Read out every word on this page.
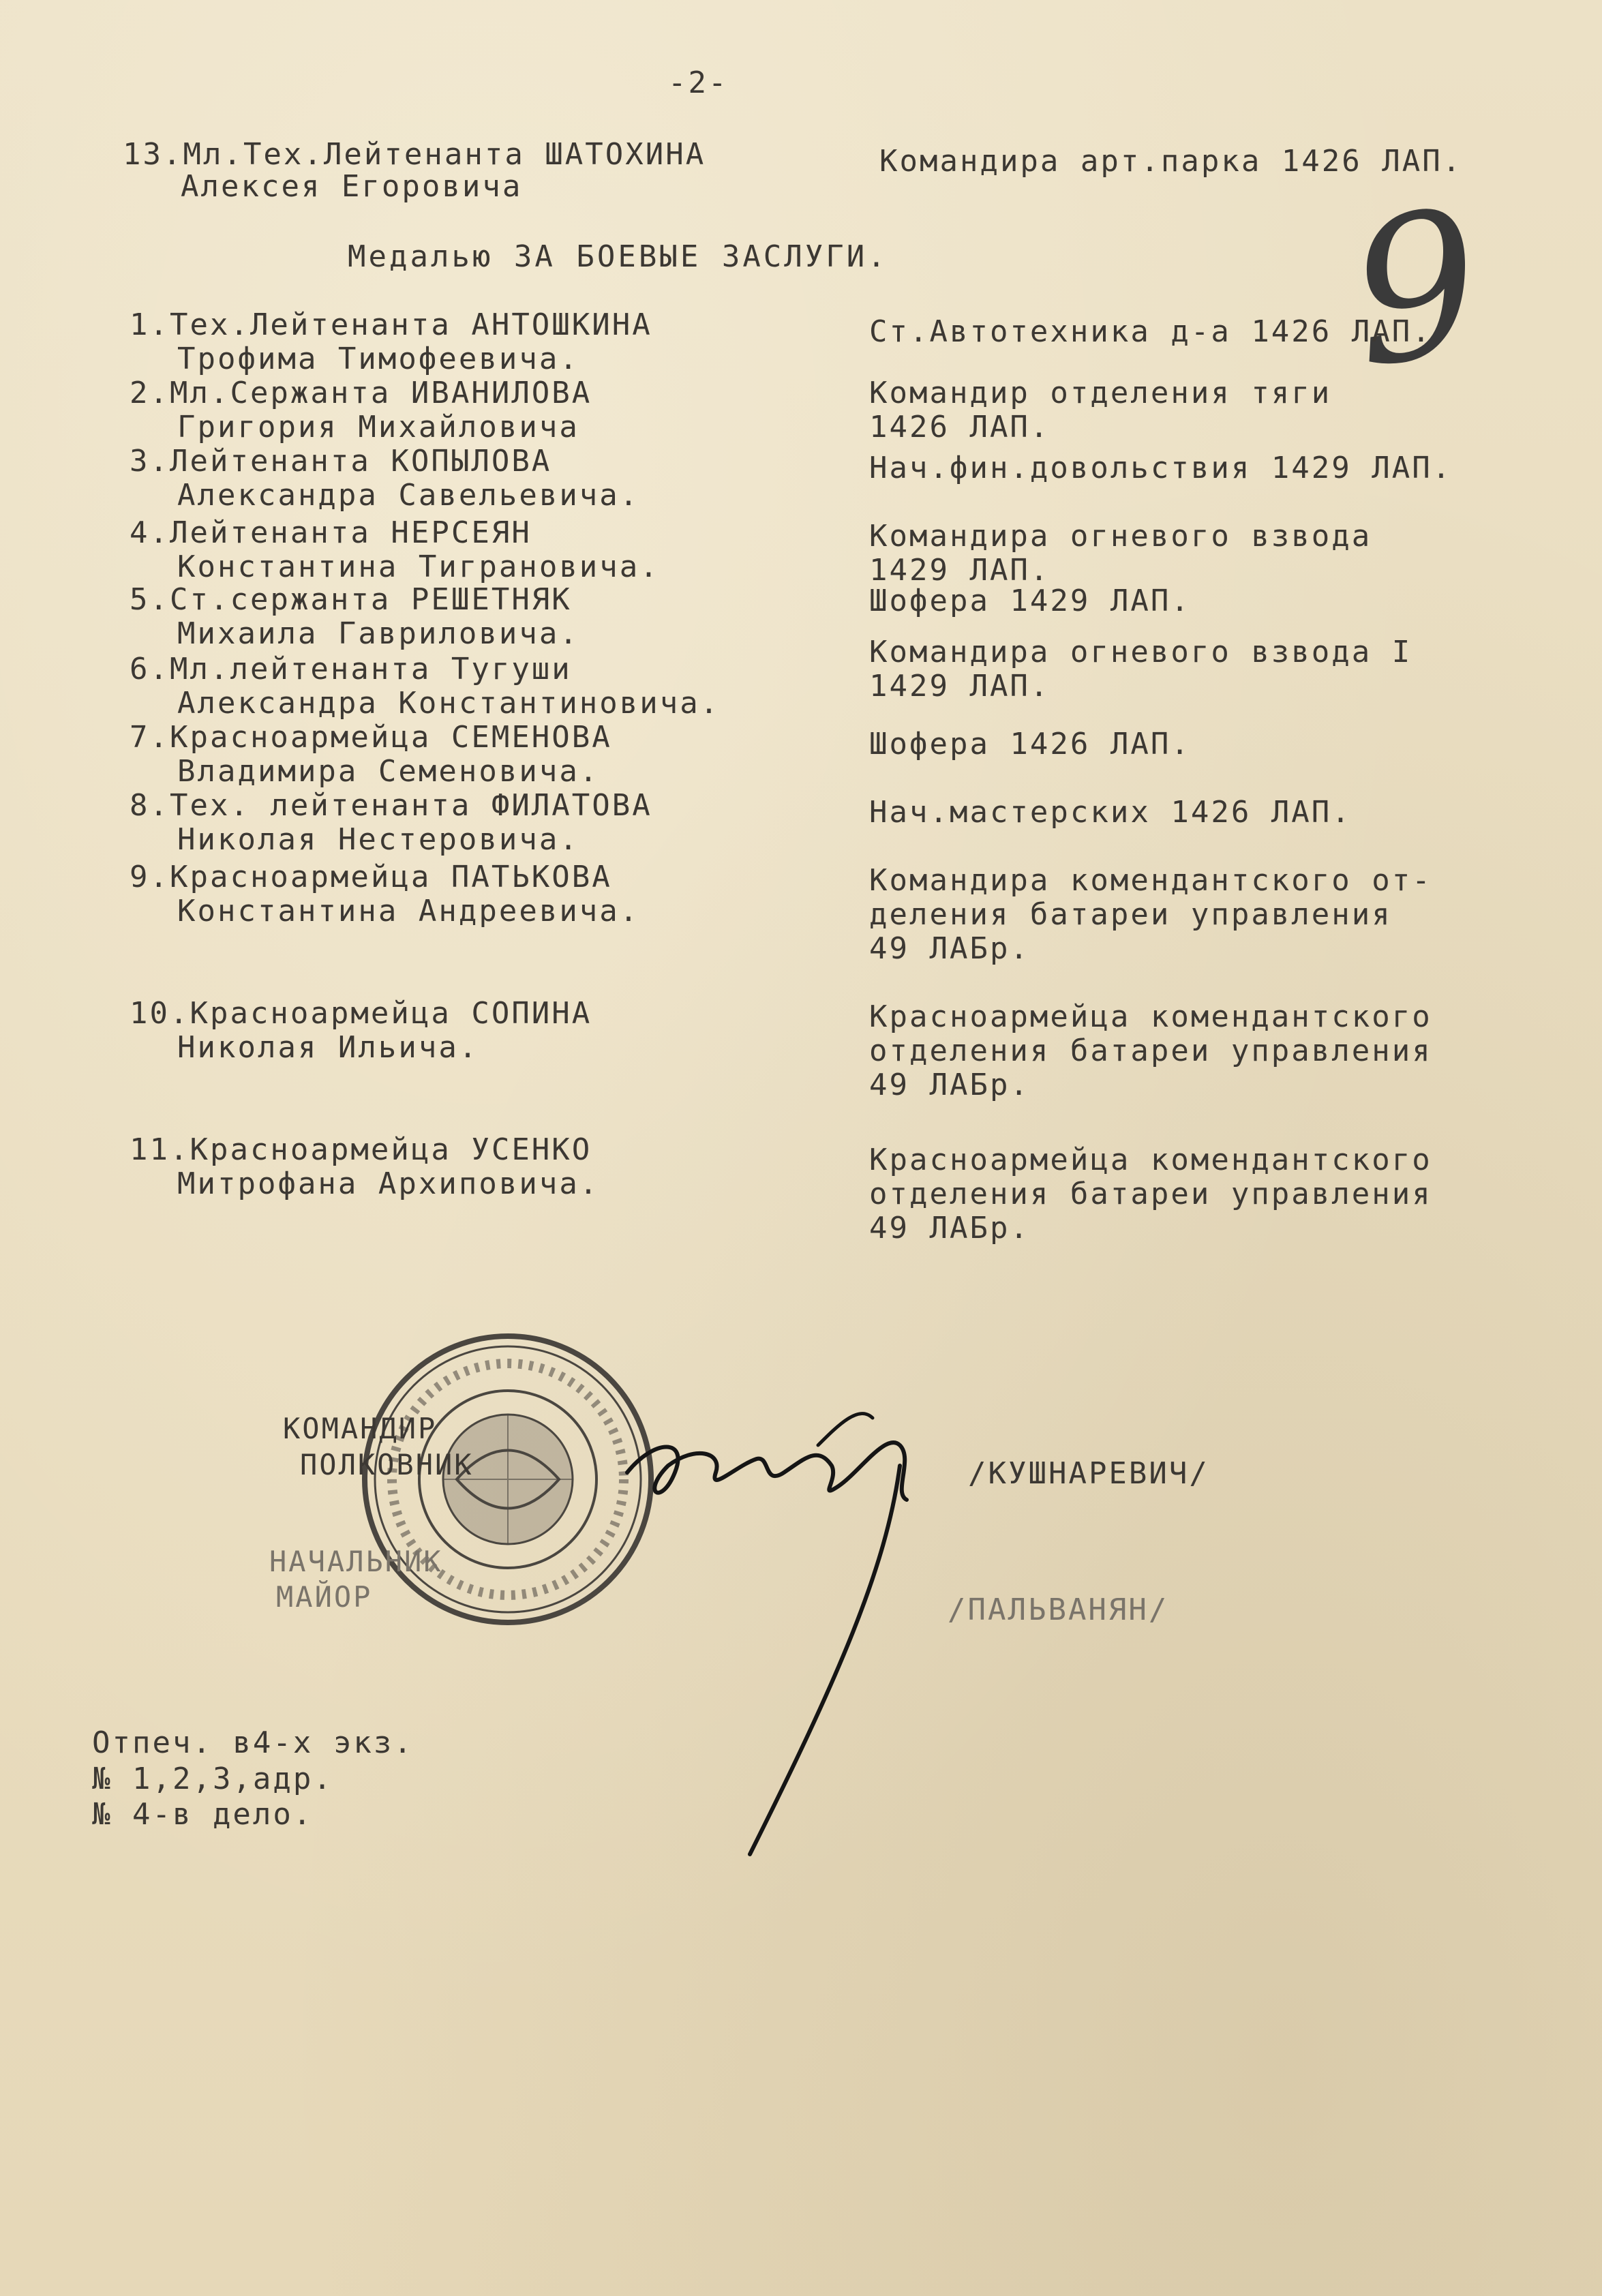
-2-
13.Мл.Тех.Лейтенанта ШАТОХИНА
Алексея Егоровича
Командира арт.парка 1426 ЛАП.
Медалью ЗА БОЕВЫЕ ЗАСЛУГИ. 9
1.Тех.Лейтенанта АНТОШКИНА
Трофима Тимофеевича.
Ст.Автотехника д-а 1426 ЛАП.
2.Мл.Сержанта ИВАНИЛОВА
Григория Михайловича
Командир отделения тяги
1426 ЛАП.
3.Лейтенанта КОПЫЛОВА
Александра Савельевича.
Нач.фин.довольствия 1429 ЛАП.
4.Лейтенанта НЕРСЕЯН
Константина Тиграновича.
Командира огневого взвода
1429 ЛАП.
5.Ст.сержанта РЕШЕТНЯК
Михаила Гавриловича.
Шофера 1429 ЛАП.
6.Мл.лейтенанта Тугуши
Александра Константиновича.
Командира огневого взвода I
1429 ЛАП.
7.Красноармейца СЕМЕНОВА
Владимира Семеновича.
Шофера 1426 ЛАП.
8.Тех. лейтенанта ФИЛАТОВА
Николая Нестеровича.
Нач.мастерских 1426 ЛАП.
9.Красноармейца ПАТЬКОВА
Константина Андреевича.
Командира комендантского от-
деления батареи управления
49 ЛАБр.
10.Красноармейца СОПИНА
Николая Ильича.
Красноармейца комендантского
отделения батареи управления
49 ЛАБр.
11.Красноармейца УСЕНКО
Митрофана Архиповича.
Красноармейца комендантского
отделения батареи управления
49 ЛАБр.
КОМАНДИР
ПОЛКОВНИК	/КУШНАРЕВИЧ/
НАЧАЛЬНИК
МАЙОР	/ПАЛЬВАНЯН/
Отпеч. в4-х экз.
№ 1,2,3,адр.
№ 4-в дело.
